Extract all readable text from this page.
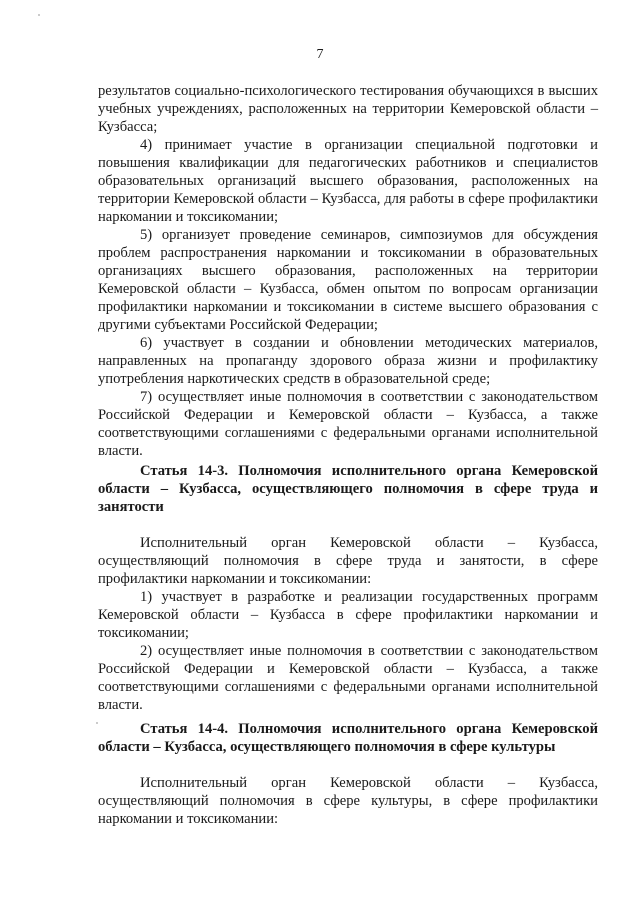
7

результатов социально-психологического тестирования обучающихся в высших учебных учреждениях, расположенных на территории Кемеровской области – Кузбасса;

4) принимает участие в организации специальной подготовки и повышения квалификации для педагогических работников и специалистов образовательных организаций высшего образования, расположенных на территории Кемеровской области – Кузбасса, для работы в сфере профилактики наркомании и токсикомании;

5) организует проведение семинаров, симпозиумов для обсуждения проблем распространения наркомании и токсикомании в образовательных организациях высшего образования, расположенных на территории Кемеровской области – Кузбасса, обмен опытом по вопросам организации профилактики наркомании и токсикомании в системе высшего образования с другими субъектами Российской Федерации;

6) участвует в создании и обновлении методических материалов, направленных на пропаганду здорового образа жизни и профилактику употребления наркотических средств в образовательной среде;

7) осуществляет иные полномочия в соответствии с законодательством Российской Федерации и Кемеровской области – Кузбасса, а также соответствующими соглашениями с федеральными органами исполнительной власти.

Статья 14-3. Полномочия исполнительного органа Кемеровской области – Кузбасса, осуществляющего полномочия в сфере труда и занятости

Исполнительный орган Кемеровской области – Кузбасса, осуществляющий полномочия в сфере труда и занятости, в сфере профилактики наркомании и токсикомании:

1) участвует в разработке и реализации государственных программ Кемеровской области – Кузбасса в сфере профилактики наркомании и токсикомании;

2) осуществляет иные полномочия в соответствии с законодательством Российской Федерации и Кемеровской области – Кузбасса, а также соответствующими соглашениями с федеральными органами исполнительной власти.

Статья 14-4. Полномочия исполнительного органа Кемеровской области – Кузбасса, осуществляющего полномочия в сфере культуры

Исполнительный орган Кемеровской области – Кузбасса, осуществляющий полномочия в сфере культуры, в сфере профилактики наркомании и токсикомании:
